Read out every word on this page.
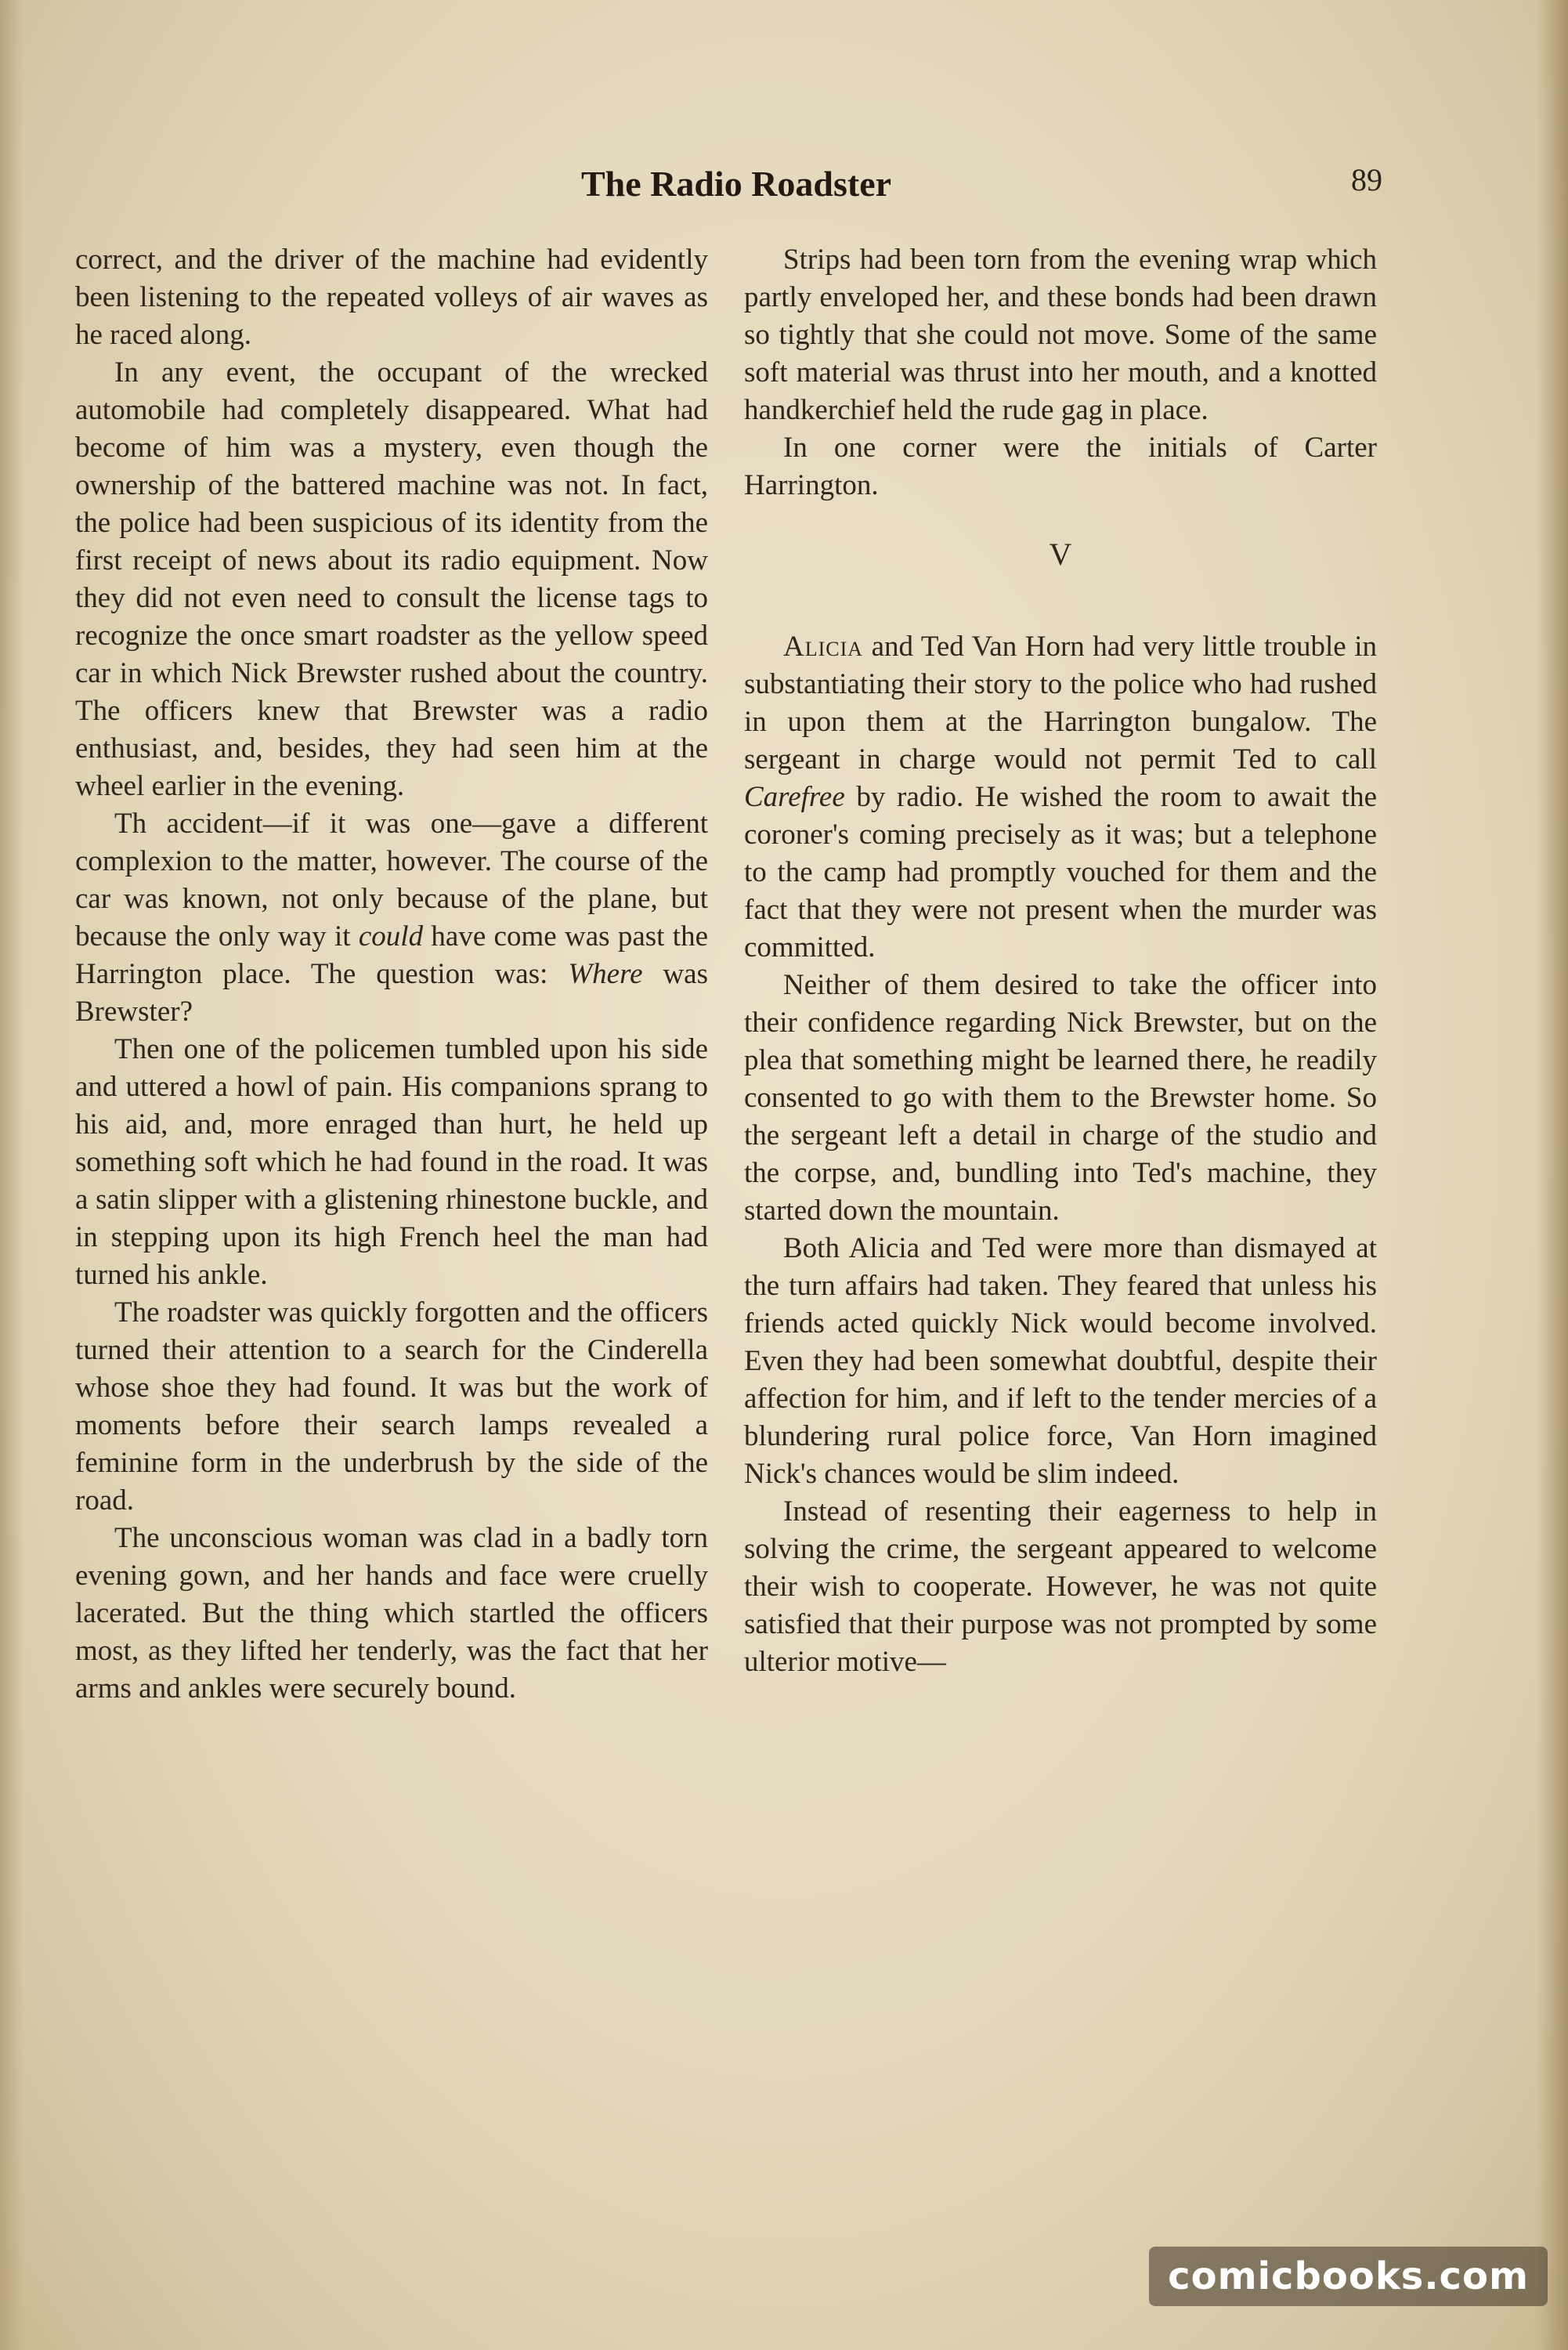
The Radio Roadster	89

correct, and the driver of the machine had evidently been listening to the repeated volleys of air waves as he raced along.

In any event, the occupant of the wrecked automobile had completely disappeared. What had become of him was a mystery, even though the ownership of the battered machine was not. In fact, the police had been suspicious of its identity from the first receipt of news about its radio equipment. Now they did not even need to consult the license tags to recognize the once smart roadster as the yellow speed car in which Nick Brewster rushed about the country. The officers knew that Brewster was a radio enthusiast, and, besides, they had seen him at the wheel earlier in the evening.

Th accident—if it was one—gave a different complexion to the matter, however. The course of the car was known, not only because of the plane, but because the only way it could have come was past the Harrington place. The question was: Where was Brewster?

Then one of the policemen tumbled upon his side and uttered a howl of pain. His companions sprang to his aid, and, more enraged than hurt, he held up something soft which he had found in the road. It was a satin slipper with a glistening rhinestone buckle, and in stepping upon its high French heel the man had turned his ankle.

The roadster was quickly forgotten and the officers turned their attention to a search for the Cinderella whose shoe they had found. It was but the work of moments before their search lamps revealed a feminine form in the underbrush by the side of the road.

The unconscious woman was clad in a badly torn evening gown, and her hands and face were cruelly lacerated. But the thing which startled the officers most, as they lifted her tenderly, was the fact that her arms and ankles were securely bound.

Strips had been torn from the evening wrap which partly enveloped her, and these bonds had been drawn so tightly that she could not move. Some of the same soft material was thrust into her mouth, and a knotted handkerchief held the rude gag in place.

In one corner were the initials of Carter Harrington.

V

Alicia and Ted Van Horn had very little trouble in substantiating their story to the police who had rushed in upon them at the Harrington bungalow. The sergeant in charge would not permit Ted to call Carefree by radio. He wished the room to await the coroner's coming precisely as it was; but a telephone to the camp had promptly vouched for them and the fact that they were not present when the murder was committed.

Neither of them desired to take the officer into their confidence regarding Nick Brewster, but on the plea that something might be learned there, he readily consented to go with them to the Brewster home. So the sergeant left a detail in charge of the studio and the corpse, and, bundling into Ted's machine, they started down the mountain.

Both Alicia and Ted were more than dismayed at the turn affairs had taken. They feared that unless his friends acted quickly Nick would become involved. Even they had been somewhat doubtful, despite their affection for him, and if left to the tender mercies of a blundering rural police force, Van Horn imagined Nick's chances would be slim indeed.

Instead of resenting their eagerness to help in solving the crime, the sergeant appeared to welcome their wish to cooperate. However, he was not quite satisfied that their purpose was not prompted by some ulterior motive—

comicbooks.com
